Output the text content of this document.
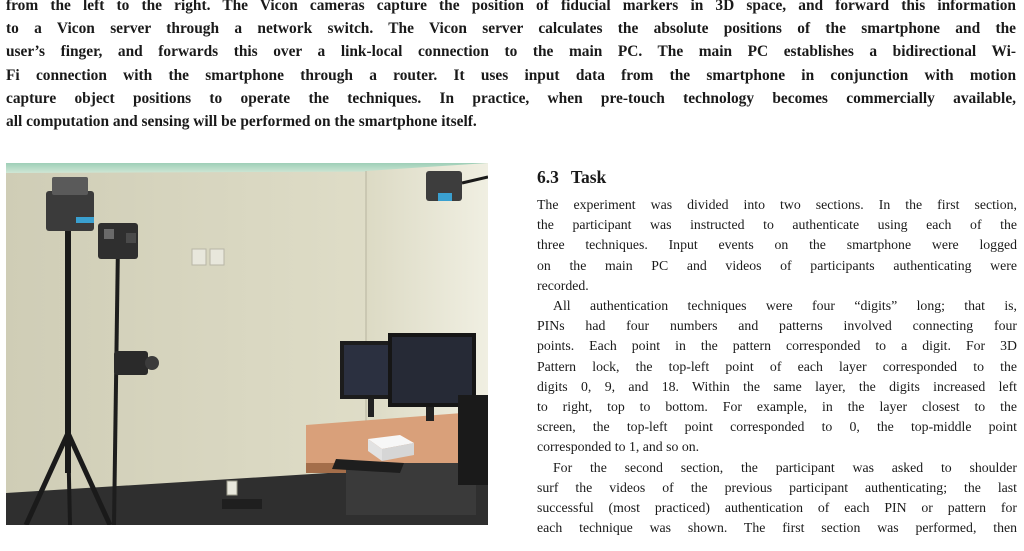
from the left to the right. The Vicon cameras capture the position of fiducial markers in 3D space, and forward this information
to a Vicon server through a network switch. The Vicon server calculates the absolute positions of the smartphone and the
user’s finger, and forwards this over a link-local connection to the main PC. The main PC establishes a bidirectional Wi-
Fi connection with the smartphone through a router. It uses input data from the smartphone in conjunction with motion
capture object positions to operate the techniques. In practice, when pre-touch technology becomes commercially available,
all computation and sensing will be performed on the smartphone itself.
6.3 Task

The experiment was divided into two sections. In the first section,
the participant was instructed to authenticate using each of the
three techniques. Input events on the smartphone were logged
on the main PC and videos of participants authenticating were
recorded.

All authentication techniques were four “digits” long; that is,
PINs had four numbers and patterns involved connecting four
points. Each point in the pattern corresponded to a digit. For 3D
Pattern lock, the top-left point of each layer corresponded to the
digits 0, 9, and 18. Within the same layer, the digits increased left
to right, top to bottom. For example, in the layer closest to the
screen, the top-left point corresponded to 0, the top-middle point
corresponded to 1, and so on.

For the second section, the participant was asked to shoulder
surf the videos of the previous participant authenticating; the last
successful (most practiced) authentication of each PIN or pattern for
each technique was shown. The first section was performed, then
